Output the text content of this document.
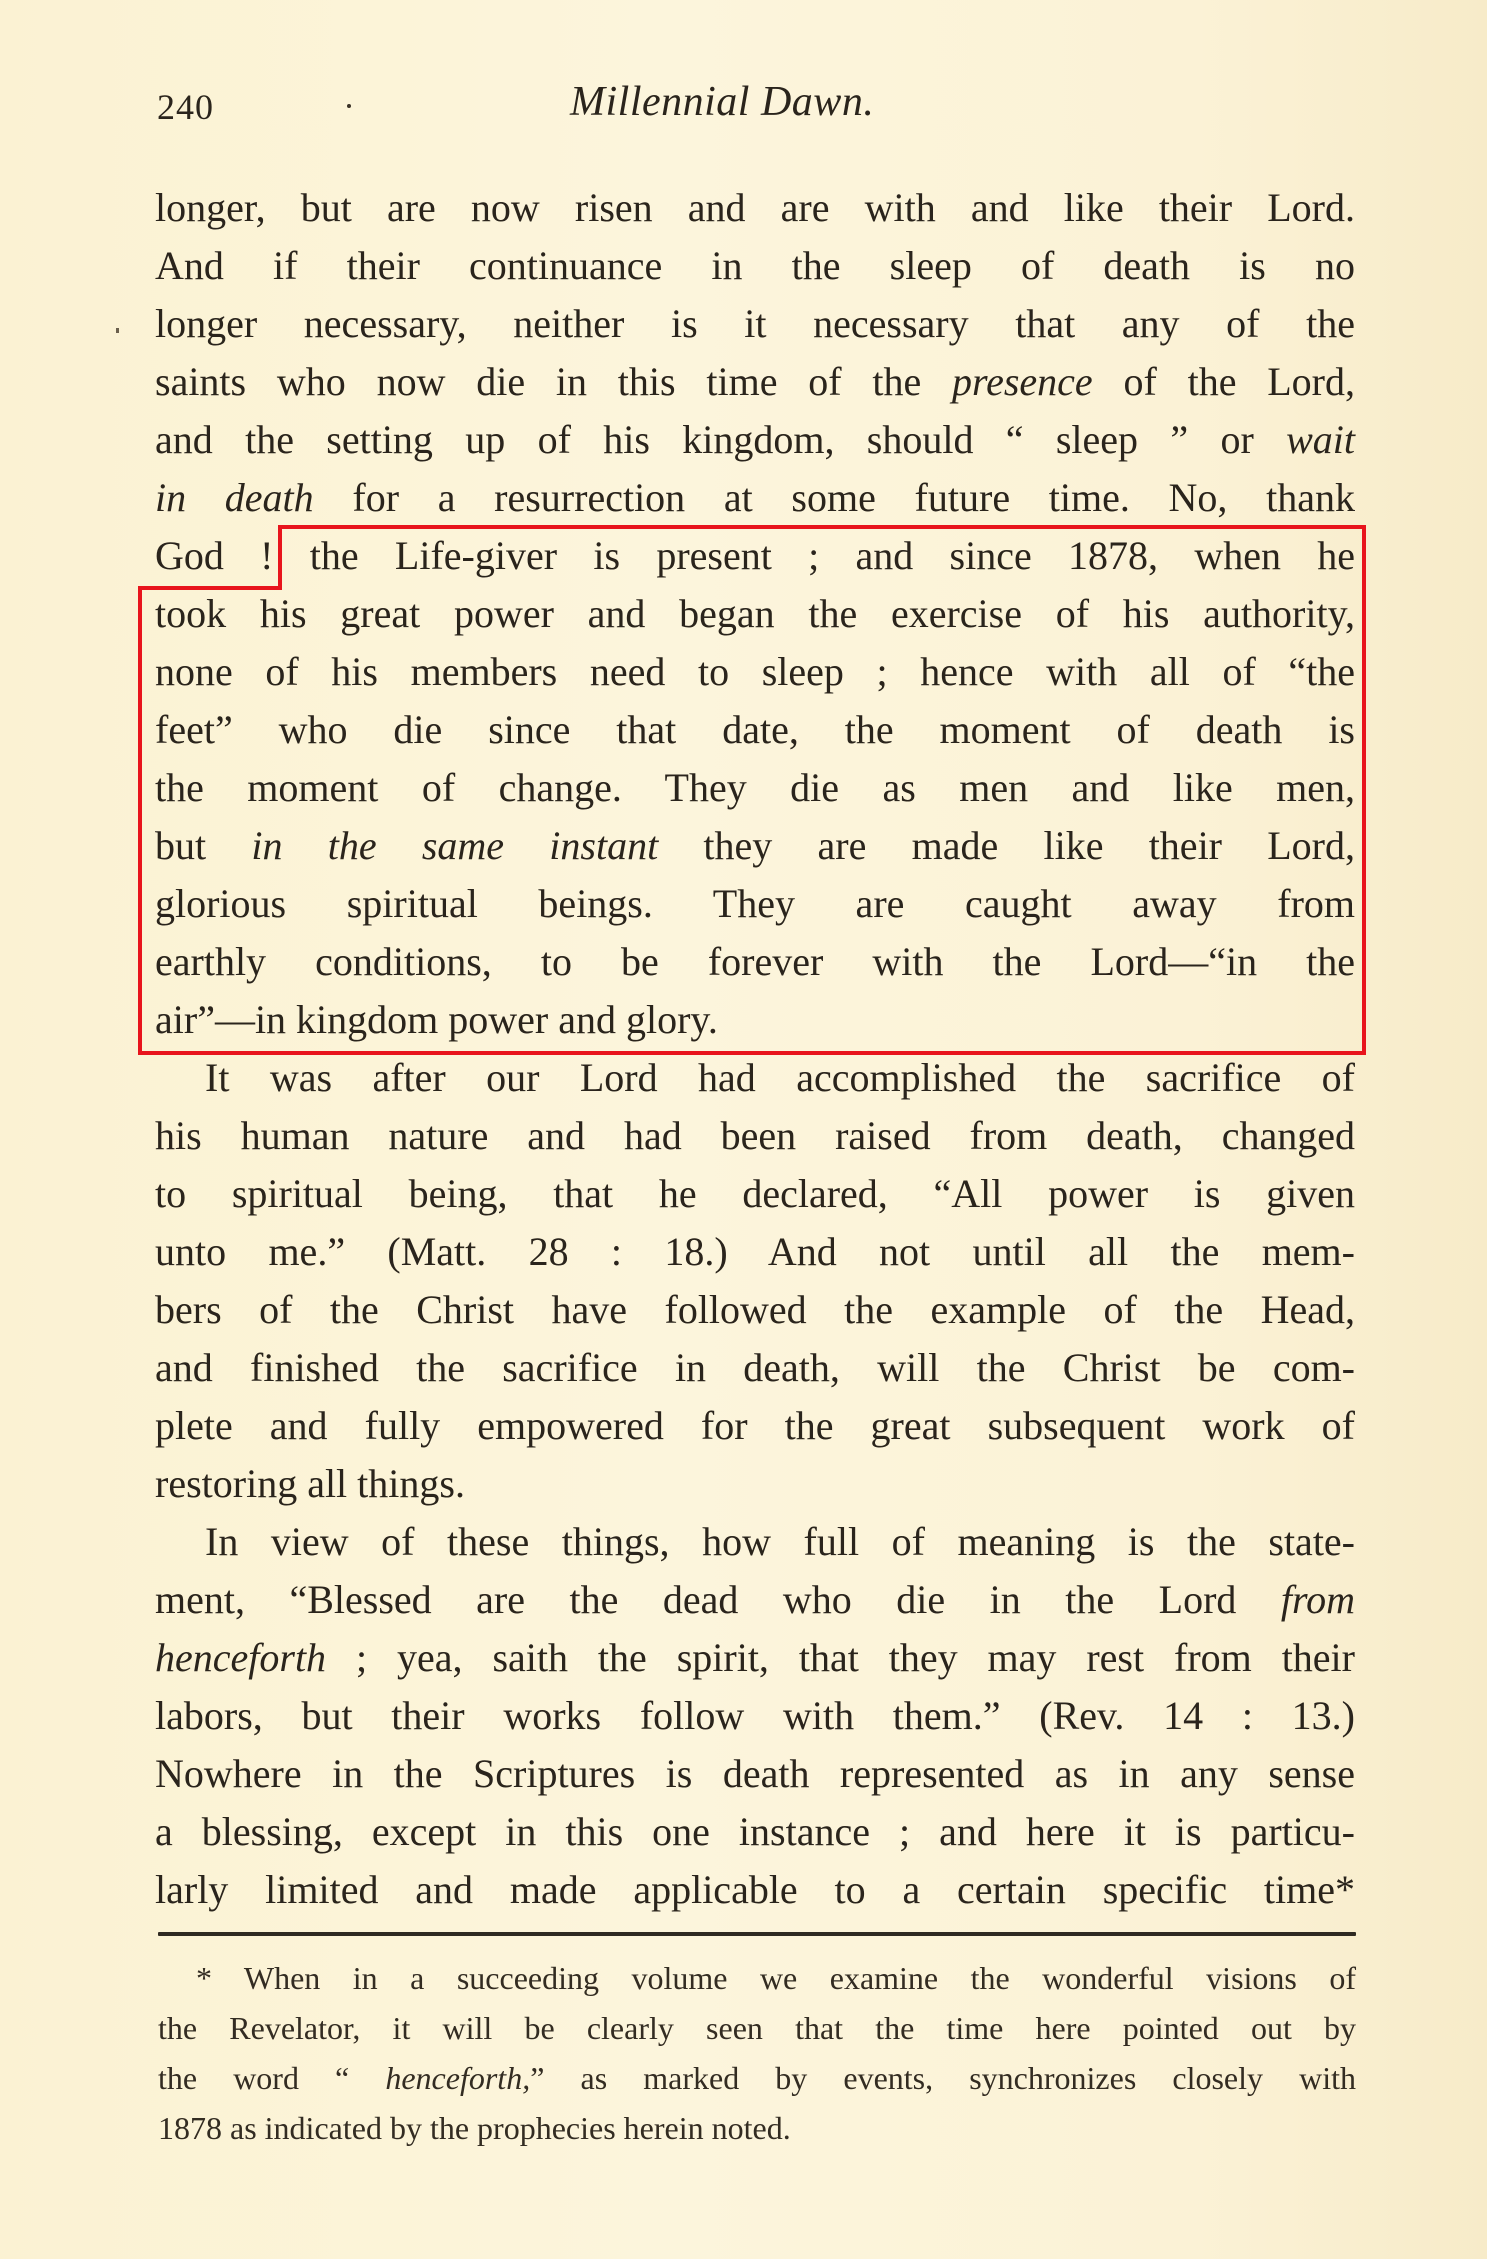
240	Millennial Dawn.
longer, but are now risen and are with and like their Lord.
And if their continuance in the sleep of death is no
longer necessary, neither is it necessary that any of the
saints who now die in this time of the presence of the Lord,
and the setting up of his kingdom, should “ sleep ” or wait
in death for a resurrection at some future time. No, thank
God ! the Life-giver is present ; and since 1878, when he
took his great power and began the exercise of his authority,
none of his members need to sleep ; hence with all of “the
feet” who die since that date, the moment of death is
the moment of change. They die as men and like men,
but in the same instant they are made like their Lord,
glorious spiritual beings. They are caught away from
earthly conditions, to be forever with the Lord—“in the
air”—in kingdom power and glory.
It was after our Lord had accomplished the sacrifice of
his human nature and had been raised from death, changed
to spiritual being, that he declared, “All power is given
unto me.” (Matt. 28 : 18.) And not until all the mem-
bers of the Christ have followed the example of the Head,
and finished the sacrifice in death, will the Christ be com-
plete and fully empowered for the great subsequent work of
restoring all things.
In view of these things, how full of meaning is the state-
ment, “Blessed are the dead who die in the Lord from
henceforth ; yea, saith the spirit, that they may rest from their
labors, but their works follow with them.” (Rev. 14 : 13.)
Nowhere in the Scriptures is death represented as in any sense
a blessing, except in this one instance ; and here it is particu-
larly limited and made applicable to a certain specific time*
* When in a succeeding volume we examine the wonderful visions of
the Revelator, it will be clearly seen that the time here pointed out by
the word “ henceforth,” as marked by events, synchronizes closely with
1878 as indicated by the prophecies herein noted.
